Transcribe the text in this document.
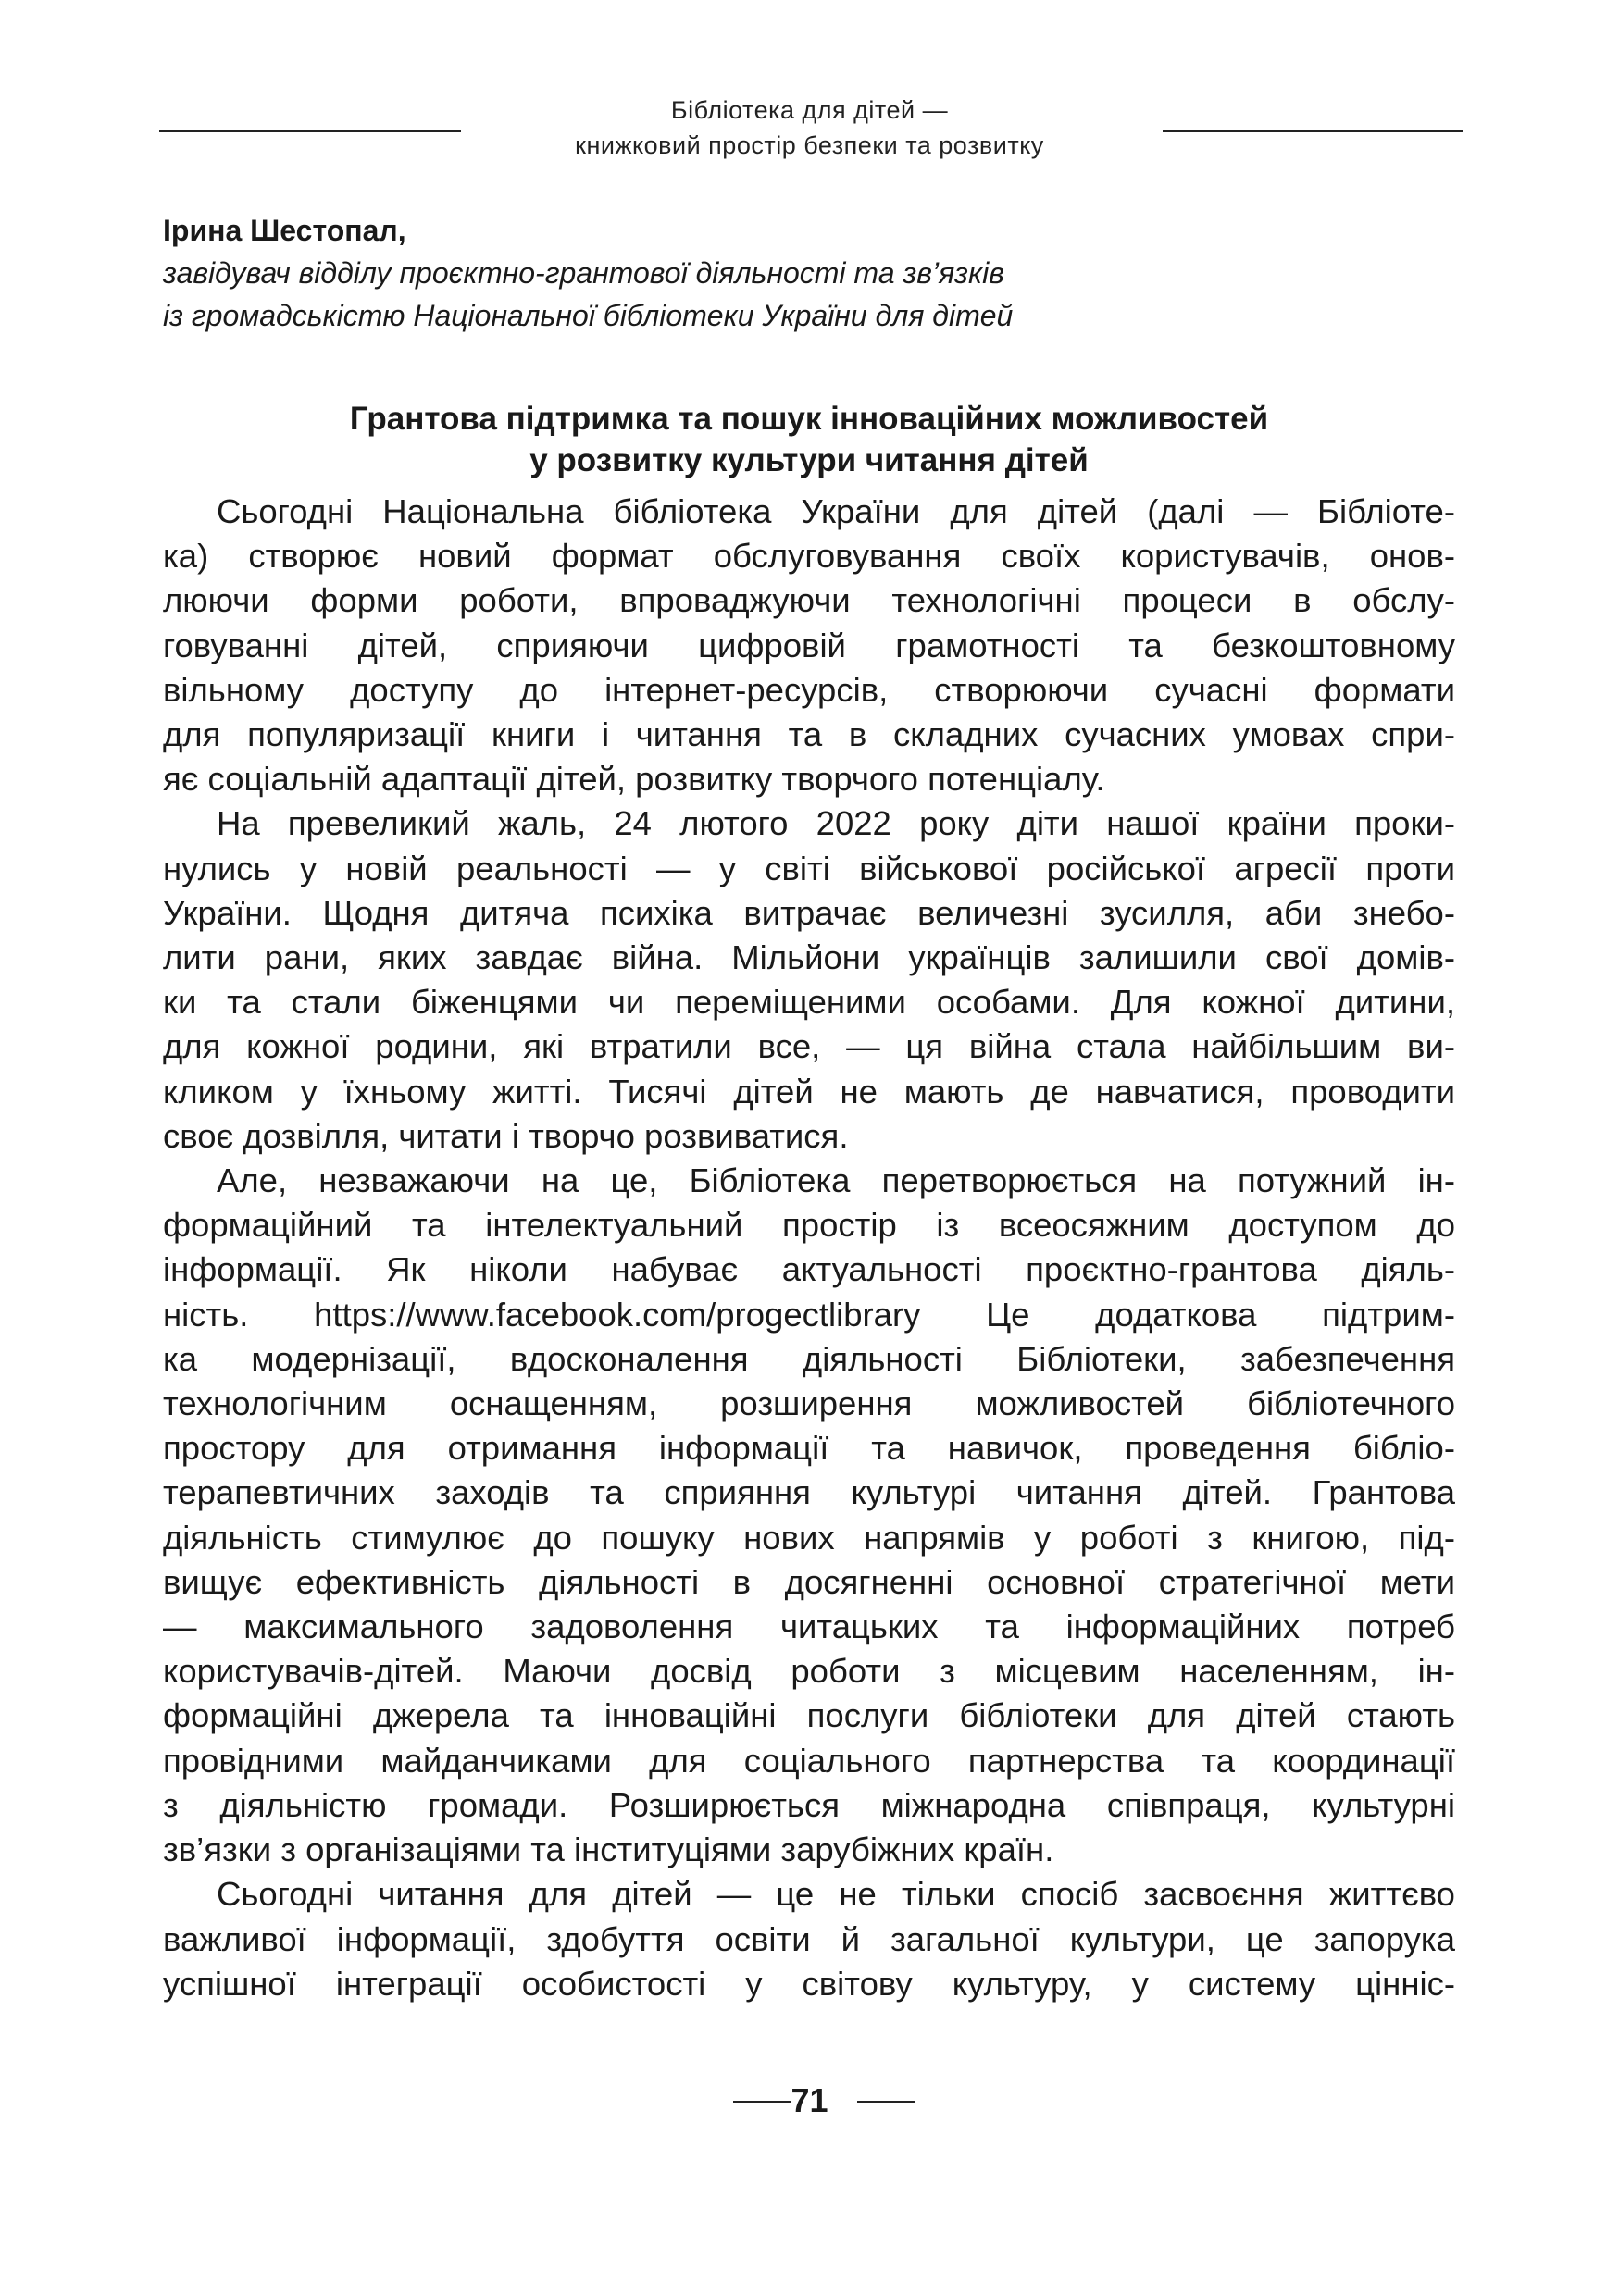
Бібліотека для дітей —
книжковий простір безпеки та розвитку
Ірина Шестопал,
завідувач відділу проєктно-грантової діяльності та зв’язків
із громадськістю Національної бібліотеки України для дітей
Грантова підтримка та пошук інноваційних можливостей
у розвитку культури читання дітей
Сьогодні Національна бібліотека України для дітей (далі — Бібліоте-
ка) створює новий формат обслуговування своїх користувачів, онов-
люючи форми роботи, впроваджуючи технологічні процеси в обслу-
говуванні дітей, сприяючи цифровій грамотності та безкоштовному
вільному доступу до інтернет-ресурсів, створюючи сучасні формати
для популяризації книги і читання та в складних сучасних умовах спри-
яє соціальній адаптації дітей, розвитку творчого потенціалу.
На превеликий жаль, 24 лютого 2022 року діти нашої країни проки-
нулись у новій реальності — у світі військової російської агресії проти
України. Щодня дитяча психіка витрачає величезні зусилля, аби знебо-
лити рани, яких завдає війна. Мільйони українців залишили свої домів-
ки та стали біженцями чи переміщеними особами. Для кожної дитини,
для кожної родини, які втратили все, — ця війна стала найбільшим ви-
кликом у їхньому житті. Тисячі дітей не мають де навчатися, проводити
своє дозвілля, читати і творчо розвиватися.
Але, незважаючи на це, Бібліотека перетворюється на потужний ін-
формаційний та інтелектуальний простір із всеосяжним доступом до
інформації. Як ніколи набуває актуальності проєктно-грантова діяль-
ність. https://www.facebook.com/progectlibrary Це додаткова підтрим-
ка модернізації, вдосконалення діяльності Бібліотеки, забезпечення
технологічним оснащенням, розширення можливостей бібліотечного
простору для отримання інформації та навичок, проведення бібліо-
терапевтичних заходів та сприяння культурі читання дітей. Грантова
діяльність стимулює до пошуку нових напрямів у роботі з книгою, під-
вищує ефективність діяльності в досягненні основної стратегічної мети
— максимального задоволення читацьких та інформаційних потреб
користувачів-дітей. Маючи досвід роботи з місцевим населенням, ін-
формаційні джерела та інноваційні послуги бібліотеки для дітей стають
провідними майданчиками для соціального партнерства та координації
з діяльністю громади. Розширюється міжнародна співпраця, культурні
зв’язки з організаціями та інституціями зарубіжних країн.
Сьогодні читання для дітей — це не тільки спосіб засвоєння життєво
важливої інформації, здобуття освіти й загальної культури, це запорука
успішної інтеграції особистості у світову культуру, у систему цінніс-
71
